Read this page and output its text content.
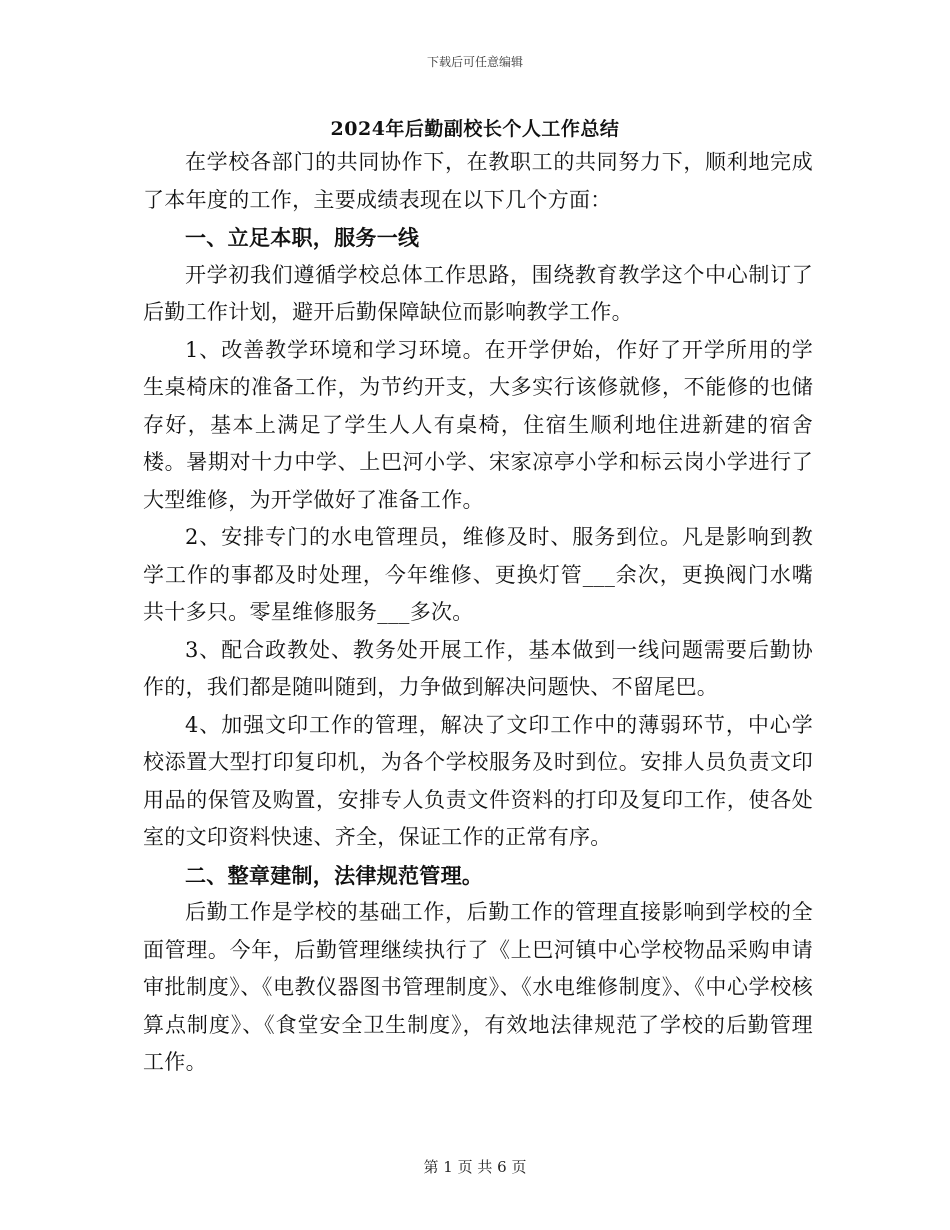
下载后可任意编辑
2024年后勤副校长个人工作总结

在学校各部门的共同协作下，在教职工的共同努力下，顺利地完成了本年度的工作，主要成绩表现在以下几个方面：

一、立足本职，服务一线

开学初我们遵循学校总体工作思路，围绕教育教学这个中心制订了后勤工作计划，避开后勤保障缺位而影响教学工作。

1、改善教学环境和学习环境。在开学伊始，作好了开学所用的学生桌椅床的准备工作，为节约开支，大多实行该修就修，不能修的也储存好，基本上满足了学生人人有桌椅，住宿生顺利地住进新建的宿舍楼。暑期对十力中学、上巴河小学、宋家凉亭小学和标云岗小学进行了大型维修，为开学做好了准备工作。

2、安排专门的水电管理员，维修及时、服务到位。凡是影响到教学工作的事都及时处理，今年维修、更换灯管___余次，更换阀门水嘴共十多只。零星维修服务___多次。

3、配合政教处、教务处开展工作，基本做到一线问题需要后勤协作的，我们都是随叫随到，力争做到解决问题快、不留尾巴。

4、加强文印工作的管理，解决了文印工作中的薄弱环节，中心学校添置大型打印复印机，为各个学校服务及时到位。安排人员负责文印用品的保管及购置，安排专人负责文件资料的打印及复印工作，使各处室的文印资料快速、齐全，保证工作的正常有序。

二、整章建制，法律规范管理。

后勤工作是学校的基础工作，后勤工作的管理直接影响到学校的全面管理。今年，后勤管理继续执行了《上巴河镇中心学校物品采购申请审批制度》、《电教仪器图书管理制度》、《水电维修制度》、《中心学校核算点制度》、《食堂安全卫生制度》，有效地法律规范了学校的后勤管理工作。

第 1 页 共 6 页
